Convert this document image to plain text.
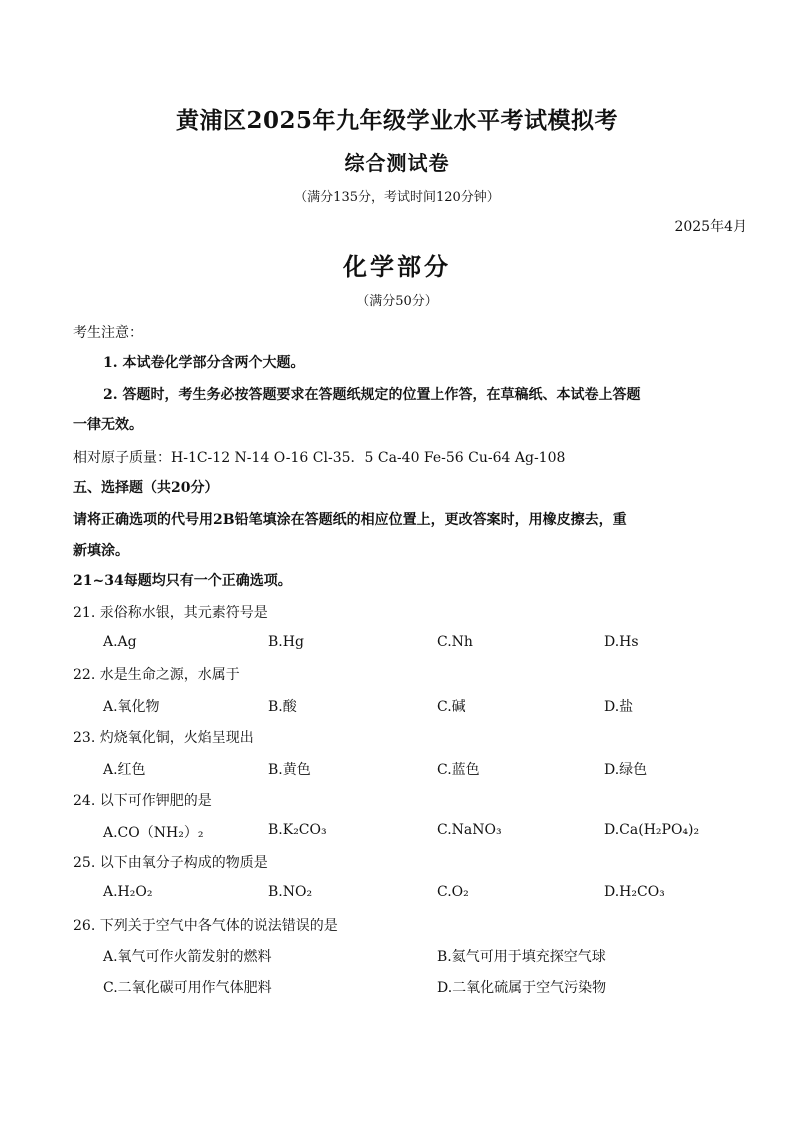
黄浦区2025年九年级学业水平考试模拟考
综合测试卷
（满分135分，考试时间120分钟）
2025年4月
化学部分
（满分50分）
考生注意：
1. 本试卷化学部分含两个大题。
2. 答题时，考生务必按答题要求在答题纸规定的位置上作答，在草稿纸、本试卷上答题
一律无效。
相对原子质量：H-1C-12 N-14 O-16 Cl-35．5 Ca-40 Fe-56 Cu-64 Ag-108
五、选择题（共20分）
请将正确选项的代号用2B铅笔填涂在答题纸的相应位置上，更改答案时，用橡皮擦去，重
新填涂。
21~34每题均只有一个正确选项。
21. 汞俗称水银，其元素符号是
A.Ag	B.Hg	C.Nh	D.Hs
22. 水是生命之源，水属于
A.氧化物	B.酸	C.碱	D.盐
23. 灼烧氧化铜，火焰呈现出
A.红色	B.黄色	C.蓝色	D.绿色
24. 以下可作钾肥的是
A.CO（NH₂）₂	B.K₂CO₃	C.NaNO₃	D.Ca(H₂PO₄)₂
25. 以下由氧分子构成的物质是
A.H₂O₂	B.NO₂	C.O₂	D.H₂CO₃
26. 下列关于空气中各气体的说法错误的是
A.氧气可作火箭发射的燃料	B.氦气可用于填充探空气球
C.二氧化碳可用作气体肥料	D.二氧化硫属于空气污染物
